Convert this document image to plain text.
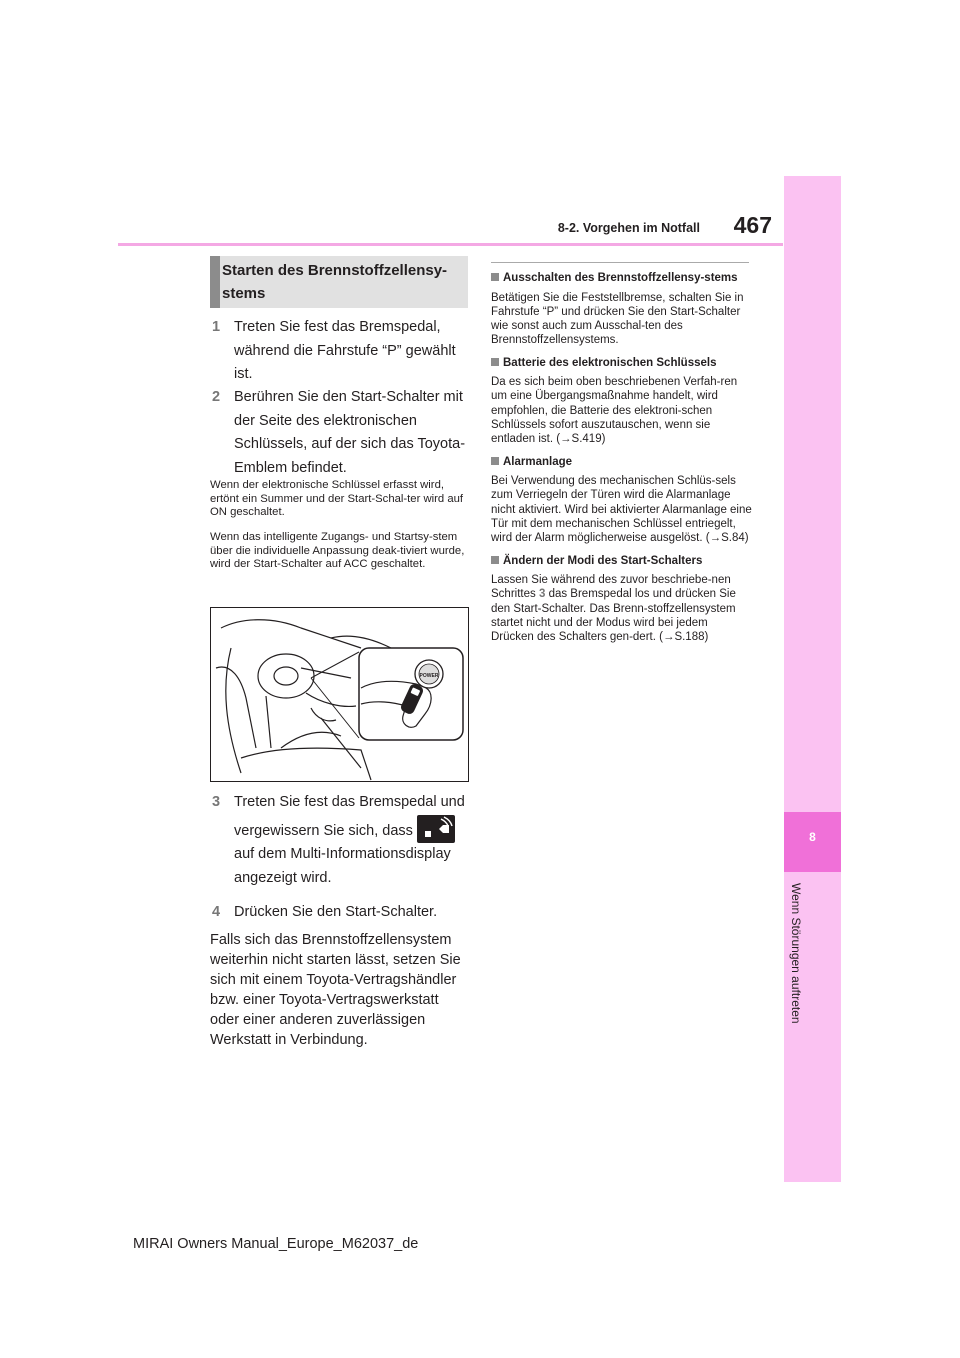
8-2. Vorgehen im Notfall	467
8
Wenn Störungen auftreten
Starten des Brennstoffzellensy-stems
1 Treten Sie fest das Bremspedal, während die Fahrstufe “P” gewählt ist.
2 Berühren Sie den Start-Schalter mit der Seite des elektronischen Schlüssels, auf der sich das Toyota-Emblem befindet.
Wenn der elektronische Schlüssel erfasst wird, ertönt ein Summer und der Start-Schal-ter wird auf ON geschaltet.
Wenn das intelligente Zugangs- und Startsy-stem über die individuelle Anpassung deak-tiviert wurde, wird der Start-Schalter auf ACC geschaltet.
POWER
3 Treten Sie fest das Bremspedal und vergewissern Sie sich, dass  auf dem Multi-Informationsdisplay angezeigt wird.
4 Drücken Sie den Start-Schalter.
Falls sich das Brennstoffzellensystem weiterhin nicht starten lässt, setzen Sie sich mit einem Toyota-Vertragshändler bzw. einer Toyota-Vertragswerkstatt oder einer anderen zuverlässigen Werkstatt in Verbindung.
Ausschalten des Brennstoffzellensy-stems
Betätigen Sie die Feststellbremse, schalten Sie in Fahrstufe “P” und drücken Sie den Start-Schalter wie sonst auch zum Ausschal-ten des Brennstoffzellensystems.
Batterie des elektronischen Schlüssels
Da es sich beim oben beschriebenen Verfah-ren um eine Übergangsmaßnahme handelt, wird empfohlen, die Batterie des elektroni-schen Schlüssels sofort auszutauschen, wenn sie entladen ist. (→S.419)
Alarmanlage
Bei Verwendung des mechanischen Schlüs-sels zum Verriegeln der Türen wird die Alarmanlage nicht aktiviert. Wird bei aktivierter Alarmanlage eine Tür mit dem mechanischen Schlüssel entriegelt, wird der Alarm möglicherweise ausgelöst. (→S.84)
Ändern der Modi des Start-Schalters
Lassen Sie während des zuvor beschriebe-nen Schrittes 3 das Bremspedal los und drücken Sie den Start-Schalter. Das Brenn-stoffzellensystem startet nicht und der Modus wird bei jedem Drücken des Schalters gen-dert. (→S.188)
MIRAI Owners Manual_Europe_M62037_de
